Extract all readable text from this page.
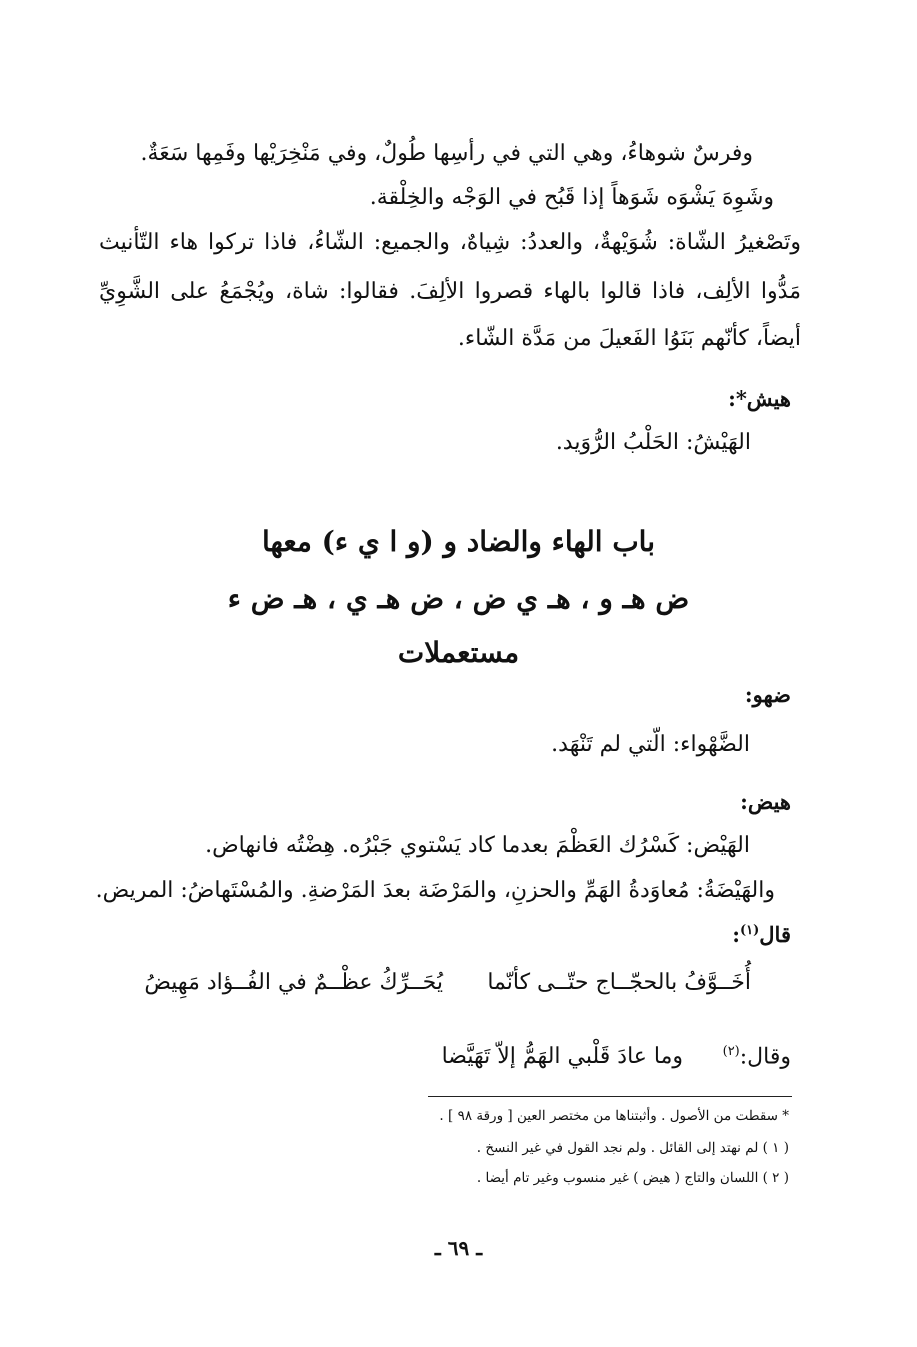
وفرسٌ شوهاءُ، وهي التي في رأسِها طُولٌ، وفي مَنْخِرَيْها وفَمِها سَعَةٌ.
وشَوِهَ يَشْوَه شَوَهاً إذا قَبُح في الوَجْه والخِلْقة.
وتَصْغيرُ الشّاة: شُوَيْهةٌ، والعددُ: شِياهٌ، والجميع: الشّاءُ، فاذا تركوا هاء التّأنيث
مَدُّوا الألِف، فاذا قالوا بالهاء قصروا الألِفَ. فقالوا: شاة، ويُجْمَعُ على الشَّوِيِّ
أيضاً، كأنّهم بَنَوُا الفَعيلَ من مَدَّة الشّاء.
هيش*:
الهَيْشُ: الحَلْبُ الرُّوَيد.
باب الهاء والضاد و (و ا ي ء) معها
ض هـ و ، هـ ي ض ، ض هـ ي ، هـ ض ء
مستعملات
ضهو:
الضَّهْواء: الّتي لم تَنْهَد.
هيض:
الهَيْض: كَسْرُك العَظْمَ بعدما كاد يَسْتوي جَبْرُه. هِضْتُه فانهاض.
والهَيْضَةُ: مُعاوَدةُ الهَمِّ والحزنِ، والمَرْضَة بعدَ المَرْضةِ. والمُسْتَهاضُ: المريض.
قال$^{(١)}$:
أُخَــوَّفُ بالحجّــاج حتّــى كأنّما
يُحَــرِّكُ عظْــمٌ في الفُــؤاد مَهِيضُ
وقال:$^{(٢)}$
وما عادَ قَلْبي الهَمُّ إلاّ تَهَيَّضا
* سقطت من الأصول . وأثبتناها من مختصر العين [ ورقة ٩٨ ] .
( ١ ) لم نهتد إلى القائل . ولم نجد القول في غير النسخ .
( ٢ ) اللسان والتاج ( هيض ) غير منسوب وغير تام أيضا .
ـ ٦٩ ـ
